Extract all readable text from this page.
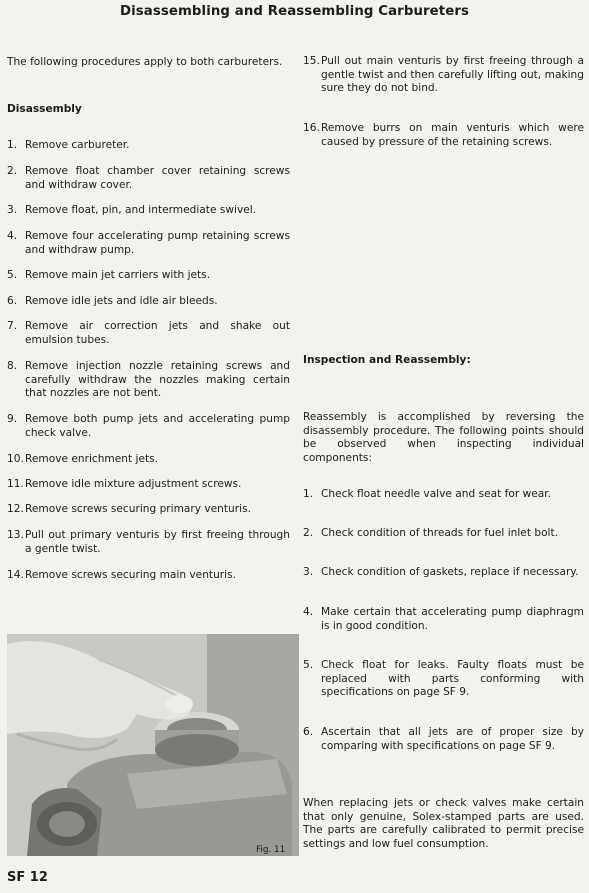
Disassembling and Reassembling Carbureters
The following procedures apply to both carbureters.
Disassembly
1. Remove carbureter.
2. Remove float chamber cover retaining screws and withdraw cover.
3. Remove float, pin, and intermediate swivel.
4. Remove four accelerating pump retaining screws and withdraw pump.
5. Remove main jet carriers with jets.
6. Remove idle jets and idle air bleeds.
7. Remove air correction jets and shake out emulsion tubes.
8. Remove injection nozzle retaining screws and carefully withdraw the nozzles making certain that nozzles are not bent.
9. Remove both pump jets and accelerating pump check valve.
10. Remove enrichment jets.
11. Remove idle mixture adjustment screws.
12. Remove screws securing primary venturis.
13. Pull out primary venturis by first freeing through a gentle twist.
14. Remove screws securing main venturis.
15. Pull out main venturis by first freeing through a gentle twist and then carefully lifting out, making sure they do not bind.
16. Remove burrs on main venturis which were caused by pressure of the retaining screws.
Inspection and Reassembly:
Reassembly is accomplished by reversing the disassembly procedure. The following points should be observed when inspecting individual components:
1. Check float needle valve and seat for wear.
2. Check condition of threads for fuel inlet bolt.
3. Check condition of gaskets, replace if necessary.
4. Make certain that accelerating pump diaphragm is in good condition.
5. Check float for leaks. Faulty floats must be replaced with parts conforming with specifications on page SF 9.
6. Ascertain that all jets are of proper size by comparing with specifications on page SF 9.
When replacing jets or check valves make certain that only genuine, Solex-stamped parts are used. The parts are carefully calibrated to permit precise settings and low fuel consumption.
Fig. 11
SF 12
